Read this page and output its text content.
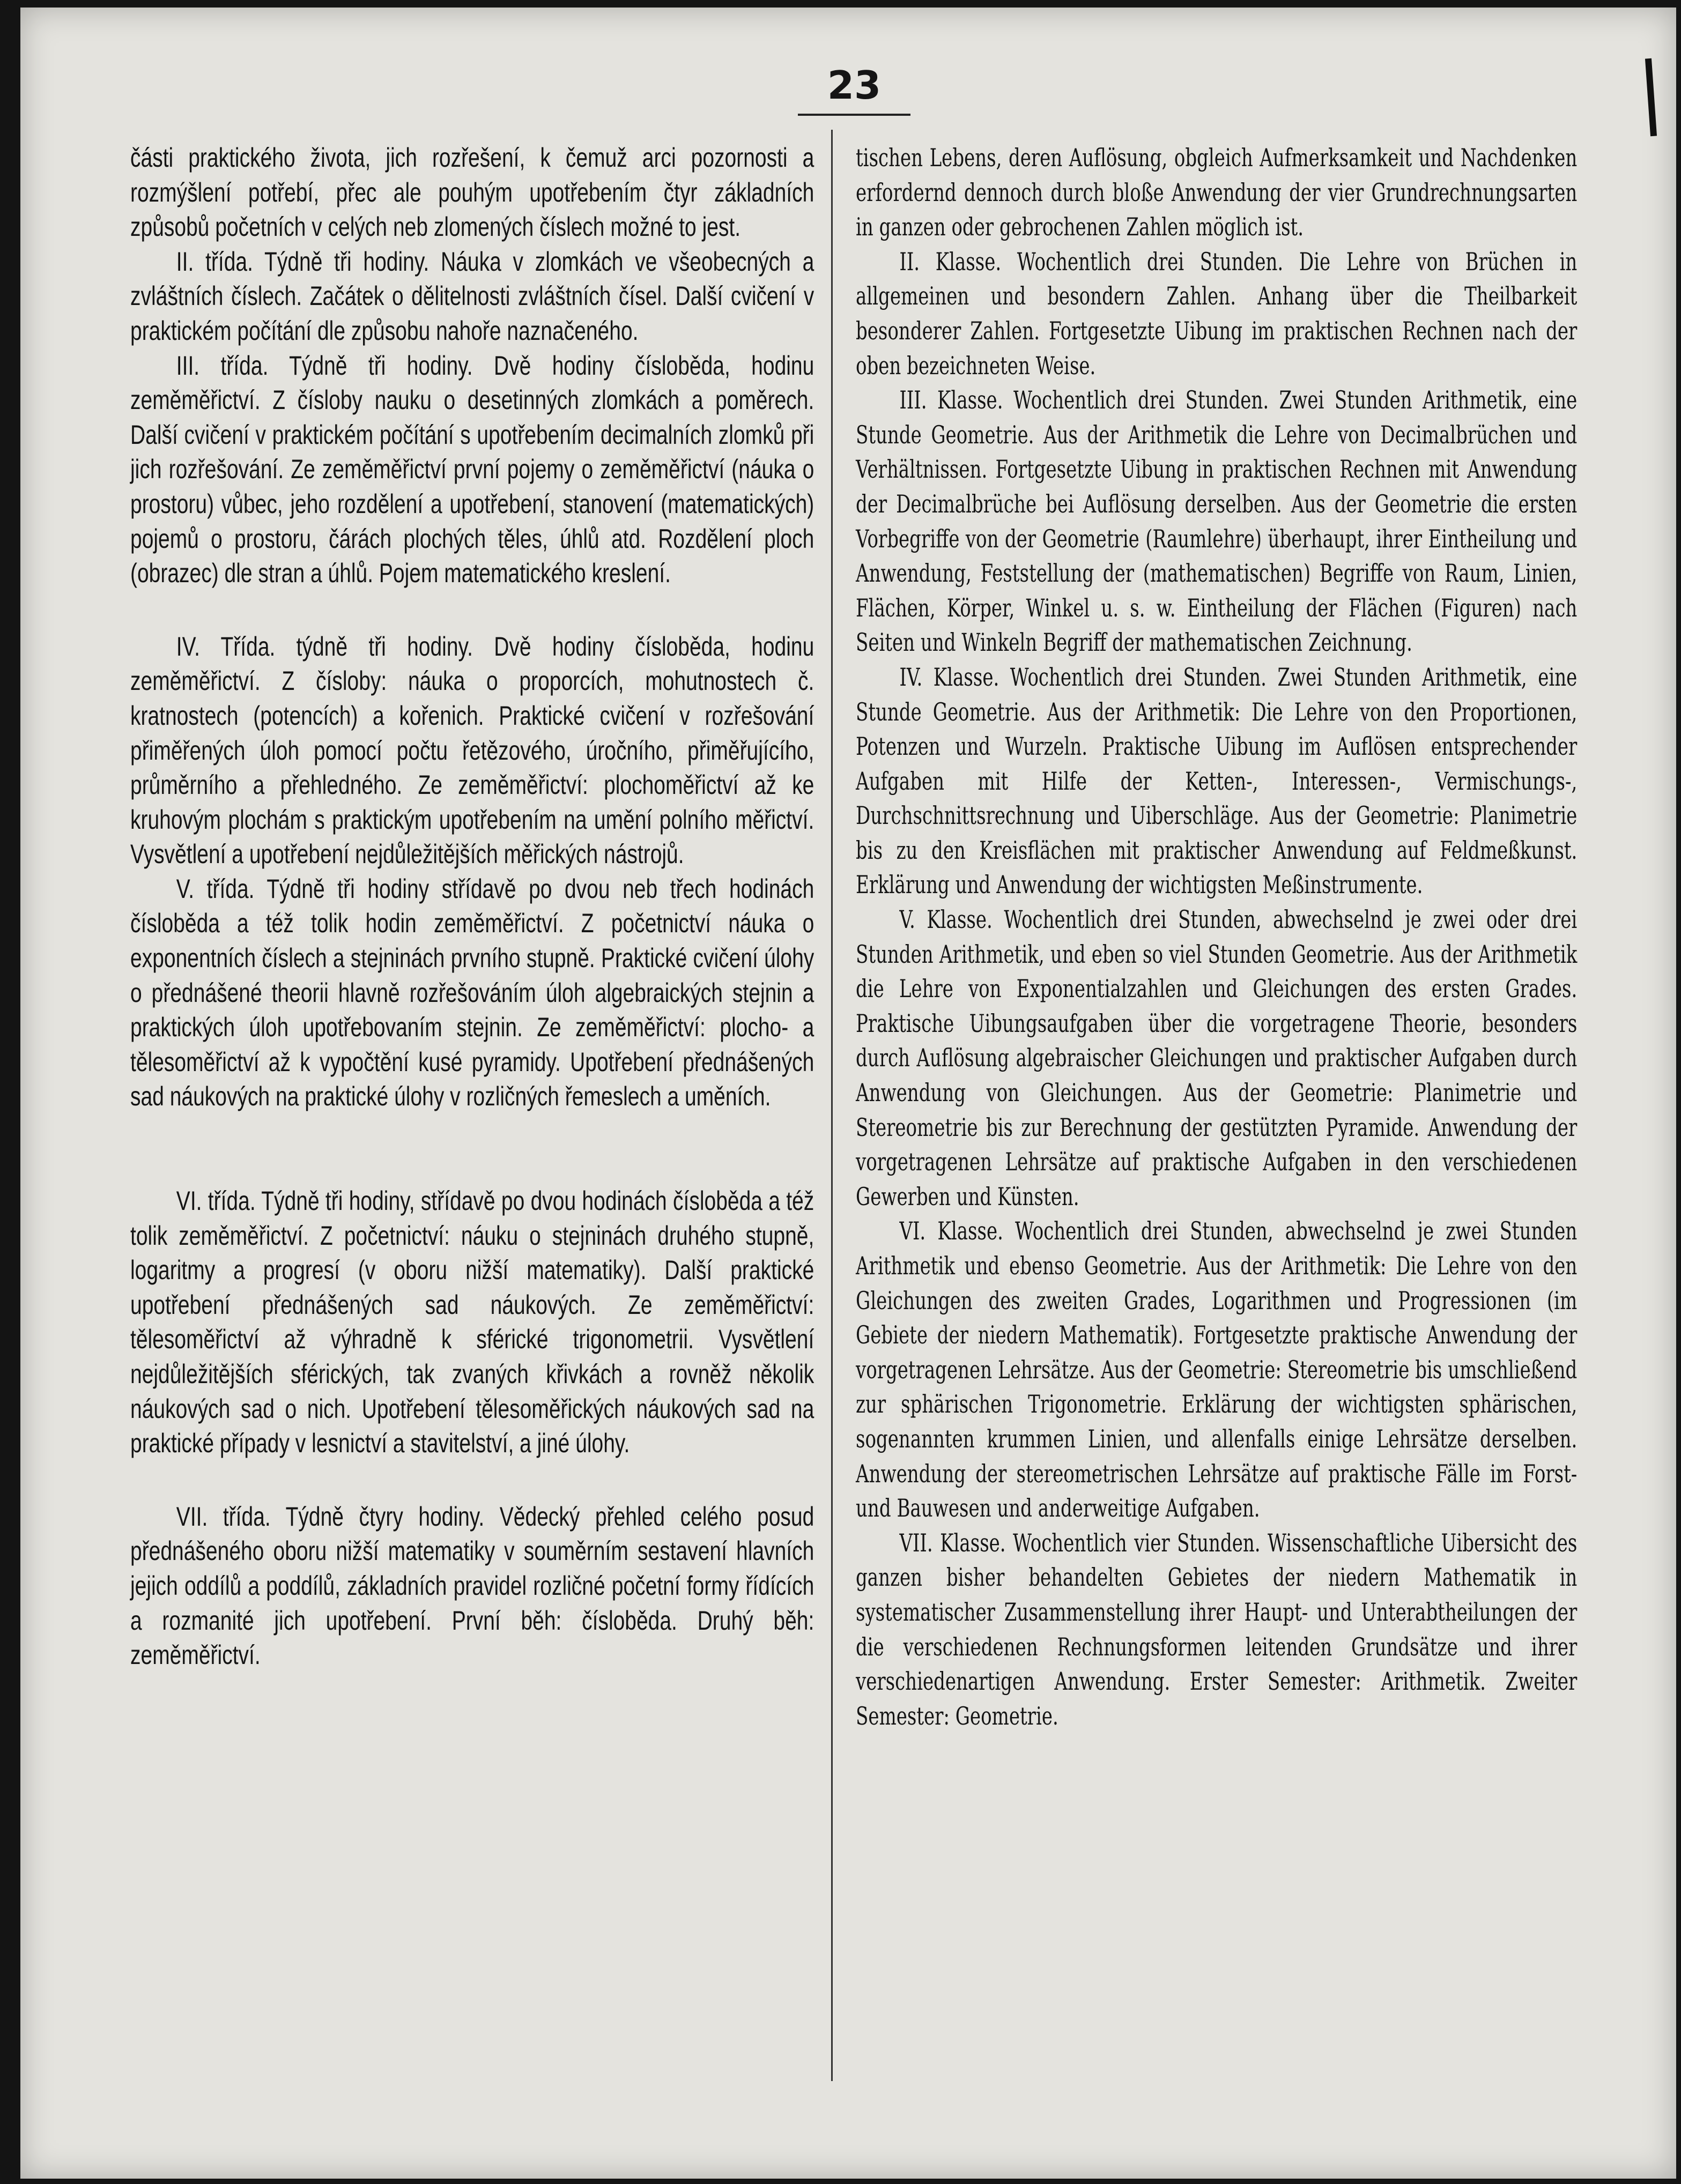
23

části praktického života, jich rozřešení, k čemuž arci pozornosti a rozmýšlení potřebí, přec ale pouhým upotřebením čtyr základních způsobů početních v celých neb zlomených číslech možné to jest.

II. třída. Týdně tři hodiny. Náuka v zlomkách ve všeobecných a zvláštních číslech. Začátek o dělitelnosti zvláštních čísel. Další cvičení v praktickém počítání dle způsobu nahoře naznačeného.

III. třída. Týdně tři hodiny. Dvě hodiny čísloběda, hodinu zeměměřictví. Z čísloby nauku o desetinných zlomkách a poměrech. Další cvičení v praktickém počítání s upotřebením decimalních zlomků při jich rozřešování. Ze zeměměřictví první pojemy o zeměměřictví (náuka o prostoru) vůbec, jeho rozdělení a upotřebení, stanovení (matematických) pojemů o prostoru, čárách plochých těles, úhlů atd. Rozdělení ploch (obrazec) dle stran a úhlů. Pojem matematického kreslení.

IV. Třída. týdně tři hodiny. Dvě hodiny čísloběda, hodinu zeměměřictví. Z čísloby: náuka o proporcích, mohutnostech č. kratnostech (potencích) a kořenich. Praktické cvičení v rozřešování přiměřených úloh pomocí počtu řetězového, úročního, přiměřujícího, průměrního a přehledného. Ze zeměměřictví: plochoměřictví až ke kruhovým plochám s praktickým upotřebením na umění polního měřictví. Vysvětlení a upotřebení nejdůležitějších měřických nástrojů.

V. třída. Týdně tři hodiny střídavě po dvou neb třech hodinách čísloběda a též tolik hodin zeměměřictví. Z početnictví náuka o exponentních číslech a stejninách prvního stupně. Praktické cvičení úlohy o přednášené theorii hlavně rozřešováním úloh algebraických stejnin a praktických úloh upotřebovaním stejnin. Ze zeměměřictví: plocho- a tělesoměřictví až k vypočtění kusé pyramidy. Upotřebení přednášených sad náukových na praktické úlohy v rozličných řemeslech a uměních.

VI. třída. Týdně tři hodiny, střídavě po dvou hodinách čísloběda a též tolik zeměměřictví. Z početnictví: náuku o stejninách druhého stupně, logaritmy a progresí (v oboru nižší matematiky). Další praktické upotřebení přednášených sad náukových. Ze zeměměřictví: tělesoměřictví až výhradně k sférické trigonometrii. Vysvětlení nejdůležitějších sférických, tak zvaných křivkách a rovněž několik náukových sad o nich. Upotřebení tělesoměřických náukových sad na praktické případy v lesnictví a stavitelství, a jiné úlohy.

VII. třída. Týdně čtyry hodiny. Vědecký přehled celého posud přednášeného oboru nižší matematiky v souměrním sestavení hlavních jejich oddílů a poddílů, základních pravidel rozličné početní formy řídících a rozmanité jich upotřebení. První běh: čísloběda. Druhý běh: zeměměřictví.

tischen Lebens, deren Auflösung, obgleich Aufmerksamkeit und Nachdenken erfordernd dennoch durch bloße Anwendung der vier Grundrechnungsarten in ganzen oder gebrochenen Zahlen möglich ist.

II. Klasse. Wochentlich drei Stunden. Die Lehre von Brüchen in allgemeinen und besondern Zahlen. Anhang über die Theilbarkeit besonderer Zahlen. Fortgesetzte Uibung im praktischen Rechnen nach der oben bezeichneten Weise.

III. Klasse. Wochentlich drei Stunden. Zwei Stunden Arithmetik, eine Stunde Geometrie. Aus der Arithmetik die Lehre von Decimalbrüchen und Verhältnissen. Fortgesetzte Uibung in praktischen Rechnen mit Anwendung der Decimalbrüche bei Auflösung derselben. Aus der Geometrie die ersten Vorbegriffe von der Geometrie (Raumlehre) überhaupt, ihrer Eintheilung und Anwendung, Feststellung der (mathematischen) Begriffe von Raum, Linien, Flächen, Körper, Winkel u. s. w. Eintheilung der Flächen (Figuren) nach Seiten und Winkeln Begriff der mathematischen Zeichnung.

IV. Klasse. Wochentlich drei Stunden. Zwei Stunden Arithmetik, eine Stunde Geometrie. Aus der Arithmetik: Die Lehre von den Proportionen, Potenzen und Wurzeln. Praktische Uibung im Auflösen entsprechender Aufgaben mit Hilfe der Ketten-, Interessen-, Vermischungs-, Durchschnittsrechnung und Uiberschläge. Aus der Geometrie: Planimetrie bis zu den Kreisflächen mit praktischer Anwendung auf Feldmeßkunst. Erklärung und Anwendung der wichtigsten Meßinstrumente.

V. Klasse. Wochentlich drei Stunden, abwechselnd je zwei oder drei Stunden Arithmetik, und eben so viel Stunden Geometrie. Aus der Arithmetik die Lehre von Exponentialzahlen und Gleichungen des ersten Grades. Praktische Uibungsaufgaben über die vorgetragene Theorie, besonders durch Auflösung algebraischer Gleichungen und praktischer Aufgaben durch Anwendung von Gleichungen. Aus der Geometrie: Planimetrie und Stereometrie bis zur Berechnung der gestützten Pyramide. Anwendung der vorgetragenen Lehrsätze auf praktische Aufgaben in den verschiedenen Gewerben und Künsten.

VI. Klasse. Wochentlich drei Stunden, abwechselnd je zwei Stunden Arithmetik und ebenso Geometrie. Aus der Arithmetik: Die Lehre von den Gleichungen des zweiten Grades, Logarithmen und Progressionen (im Gebiete der niedern Mathematik). Fortgesetzte praktische Anwendung der vorgetragenen Lehrsätze. Aus der Geometrie: Stereometrie bis umschließend zur sphärischen Trigonometrie. Erklärung der wichtigsten sphärischen, sogenannten krummen Linien, und allenfalls einige Lehrsätze derselben. Anwendung der stereometrischen Lehrsätze auf praktische Fälle im Forst- und Bauwesen und anderweitige Aufgaben.

VII. Klasse. Wochentlich vier Stunden. Wissenschaftliche Uibersicht des ganzen bisher behandelten Gebietes der niedern Mathematik in systematischer Zusammenstellung ihrer Haupt- und Unterabtheilungen der die verschiedenen Rechnungsformen leitenden Grundsätze und ihrer verschiedenartigen Anwendung. Erster Semester: Arithmetik. Zweiter Semester: Geometrie.
